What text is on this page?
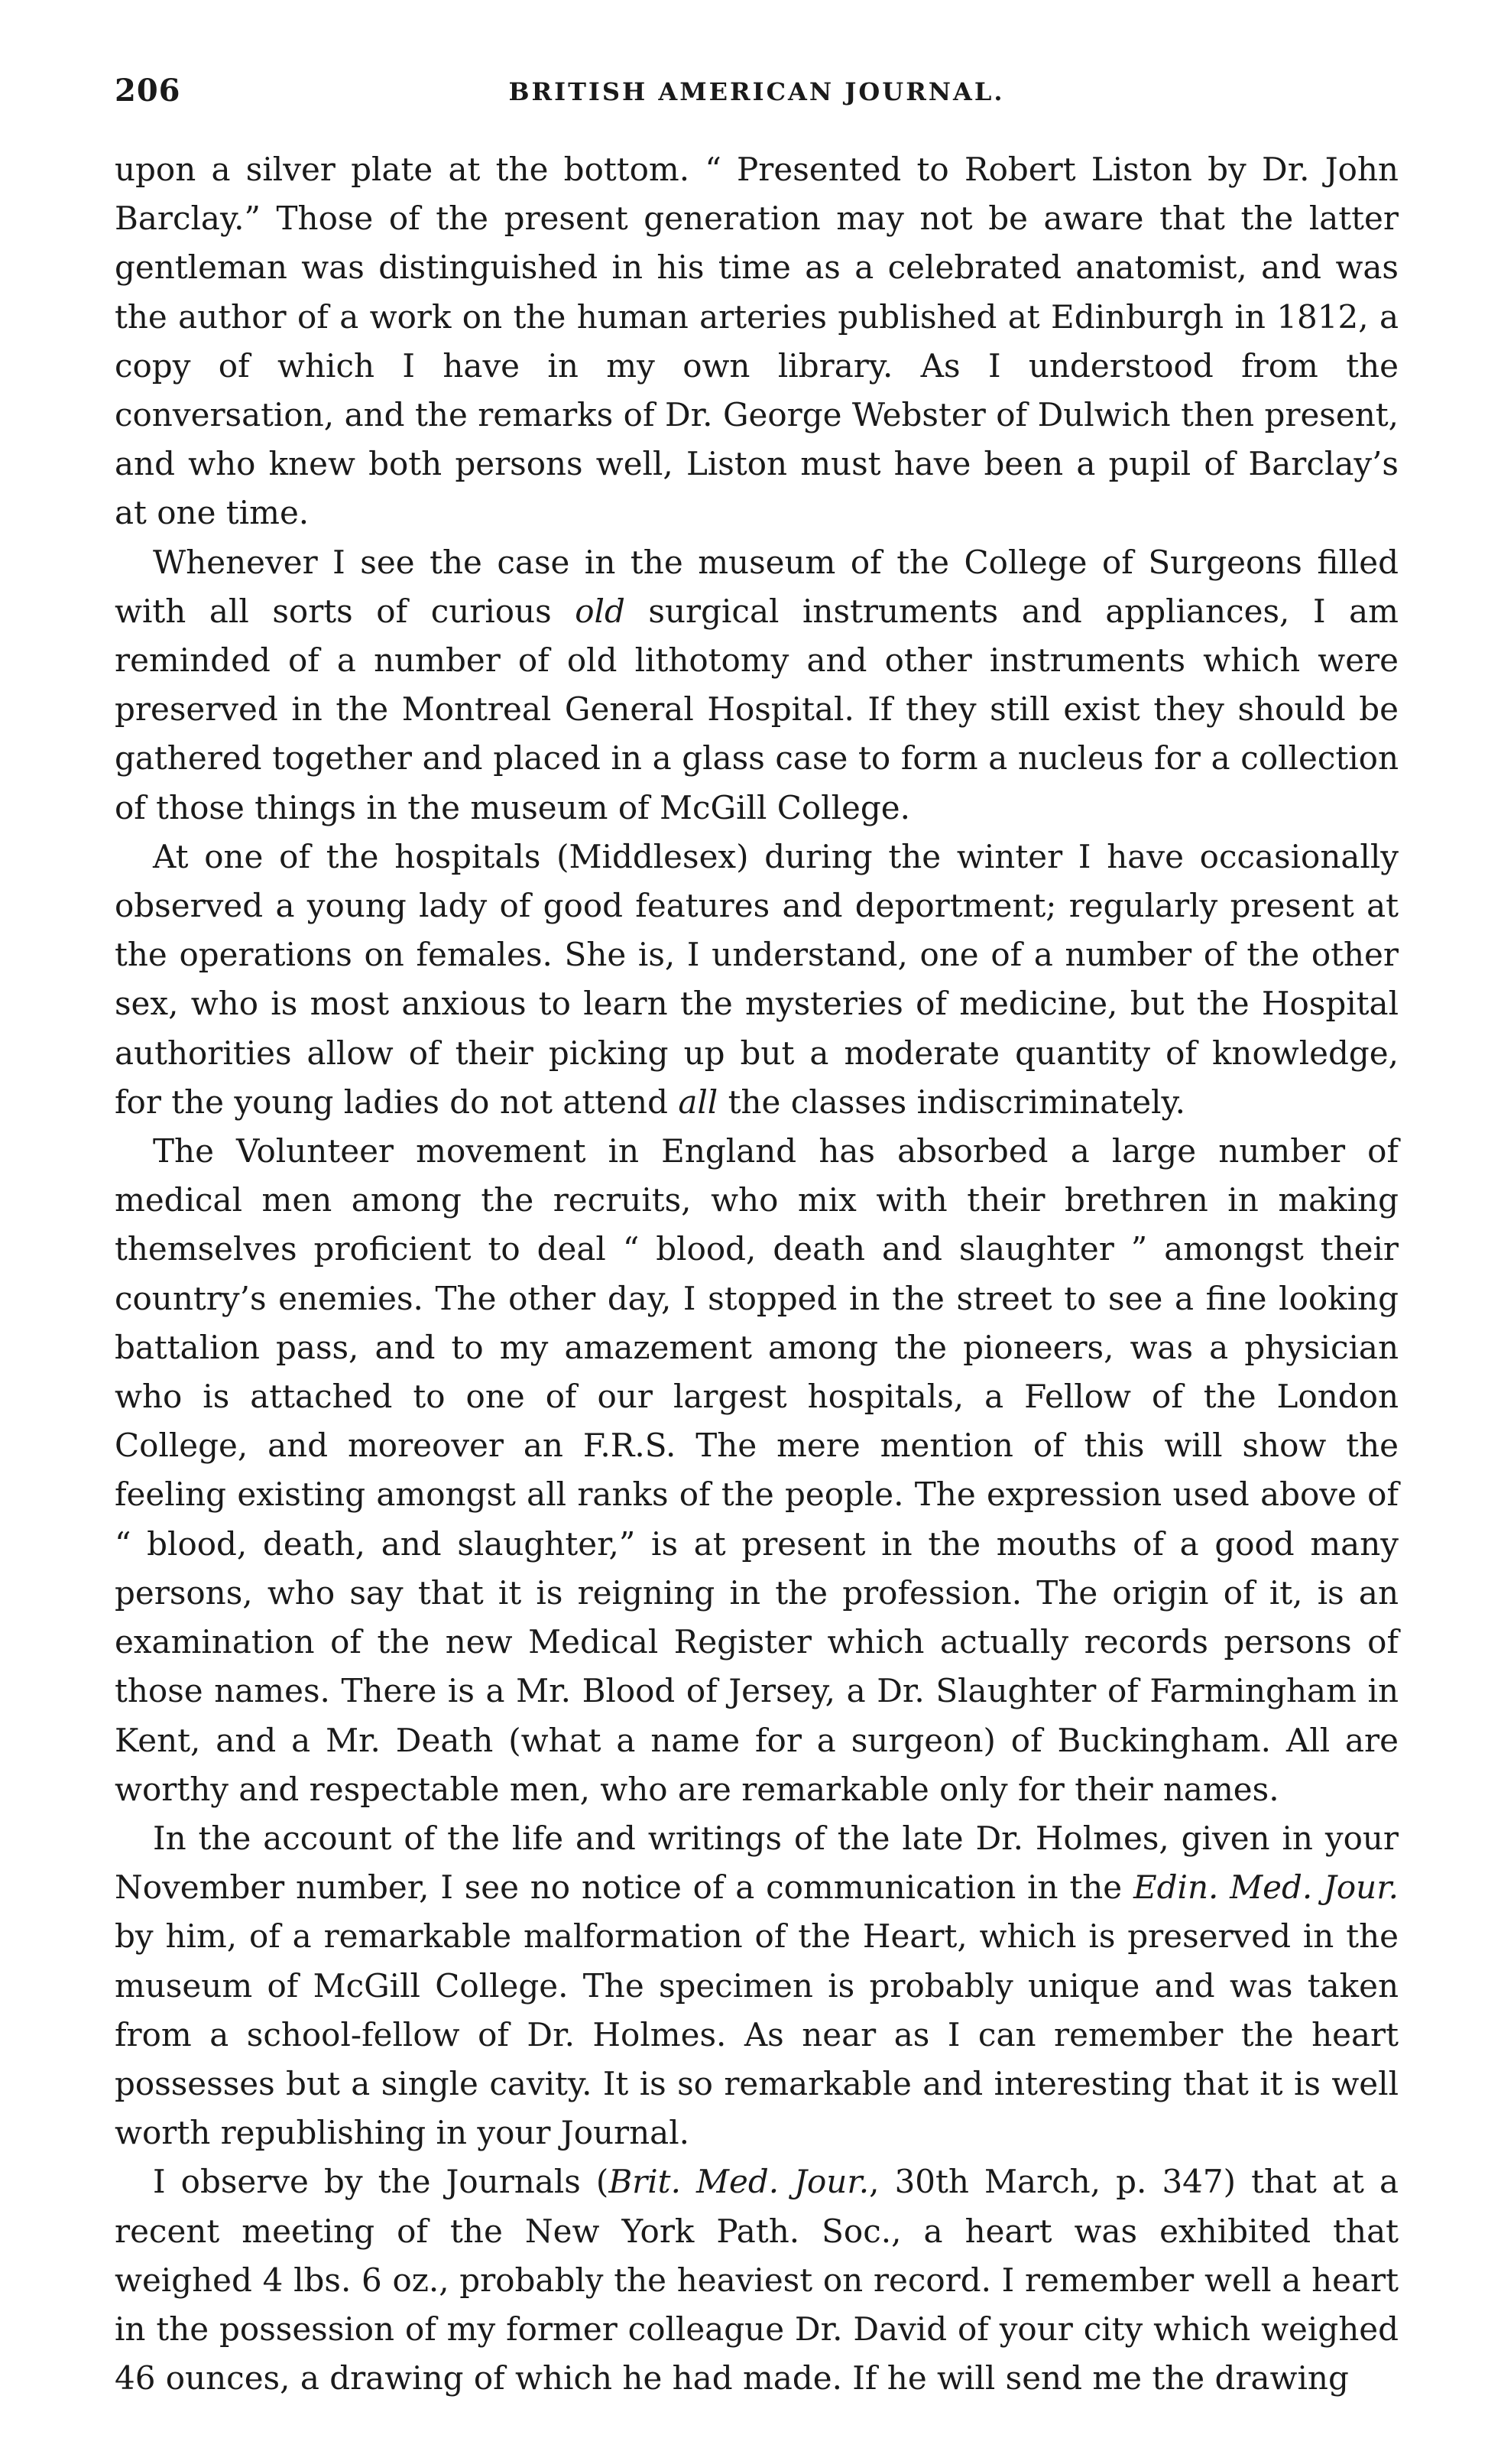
206	BRITISH AMERICAN JOURNAL.

upon a silver plate at the bottom. “ Presented to Robert Liston by Dr. John Barclay.” Those of the present generation may not be aware that the latter gentleman was distinguished in his time as a celebrated anatomist, and was the author of a work on the human arteries published at Edinburgh in 1812, a copy of which I have in my own library. As I understood from the conversation, and the remarks of Dr. George Webster of Dulwich then present, and who knew both persons well, Liston must have been a pupil of Barclay’s at one time.

Whenever I see the case in the museum of the College of Surgeons filled with all sorts of curious old surgical instruments and appliances, I am reminded of a number of old lithotomy and other instruments which were preserved in the Montreal General Hospital. If they still exist they should be gathered together and placed in a glass case to form a nucleus for a collection of those things in the museum of McGill College.

At one of the hospitals (Middlesex) during the winter I have occasionally observed a young lady of good features and deportment; regularly present at the operations on females. She is, I understand, one of a number of the other sex, who is most anxious to learn the mysteries of medicine, but the Hospital authorities allow of their picking up but a moderate quantity of knowledge, for the young ladies do not attend all the classes indiscriminately.

The Volunteer movement in England has absorbed a large number of medical men among the recruits, who mix with their brethren in making themselves proficient to deal “ blood, death and slaughter ” amongst their country’s enemies. The other day, I stopped in the street to see a fine looking battalion pass, and to my amazement among the pioneers, was a physician who is attached to one of our largest hospitals, a Fellow of the London College, and moreover an F.R.S. The mere mention of this will show the feeling existing amongst all ranks of the people. The expression used above of “ blood, death, and slaughter,” is at present in the mouths of a good many persons, who say that it is reigning in the profession. The origin of it, is an examination of the new Medical Register which actually records persons of those names. There is a Mr. Blood of Jersey, a Dr. Slaughter of Farmingham in Kent, and a Mr. Death (what a name for a surgeon) of Buckingham. All are worthy and respectable men, who are remarkable only for their names.

In the account of the life and writings of the late Dr. Holmes, given in your November number, I see no notice of a communication in the Edin. Med. Jour. by him, of a remarkable malformation of the Heart, which is preserved in the museum of McGill College. The specimen is probably unique and was taken from a school-fellow of Dr. Holmes. As near as I can remember the heart possesses but a single cavity. It is so remarkable and interesting that it is well worth republishing in your Journal.

I observe by the Journals (Brit. Med. Jour., 30th March, p. 347) that at a recent meeting of the New York Path. Soc., a heart was exhibited that weighed 4 lbs. 6 oz., probably the heaviest on record. I remember well a heart in the possession of my former colleague Dr. David of your city which weighed 46 ounces, a drawing of which he had made. If he will send me the drawing
